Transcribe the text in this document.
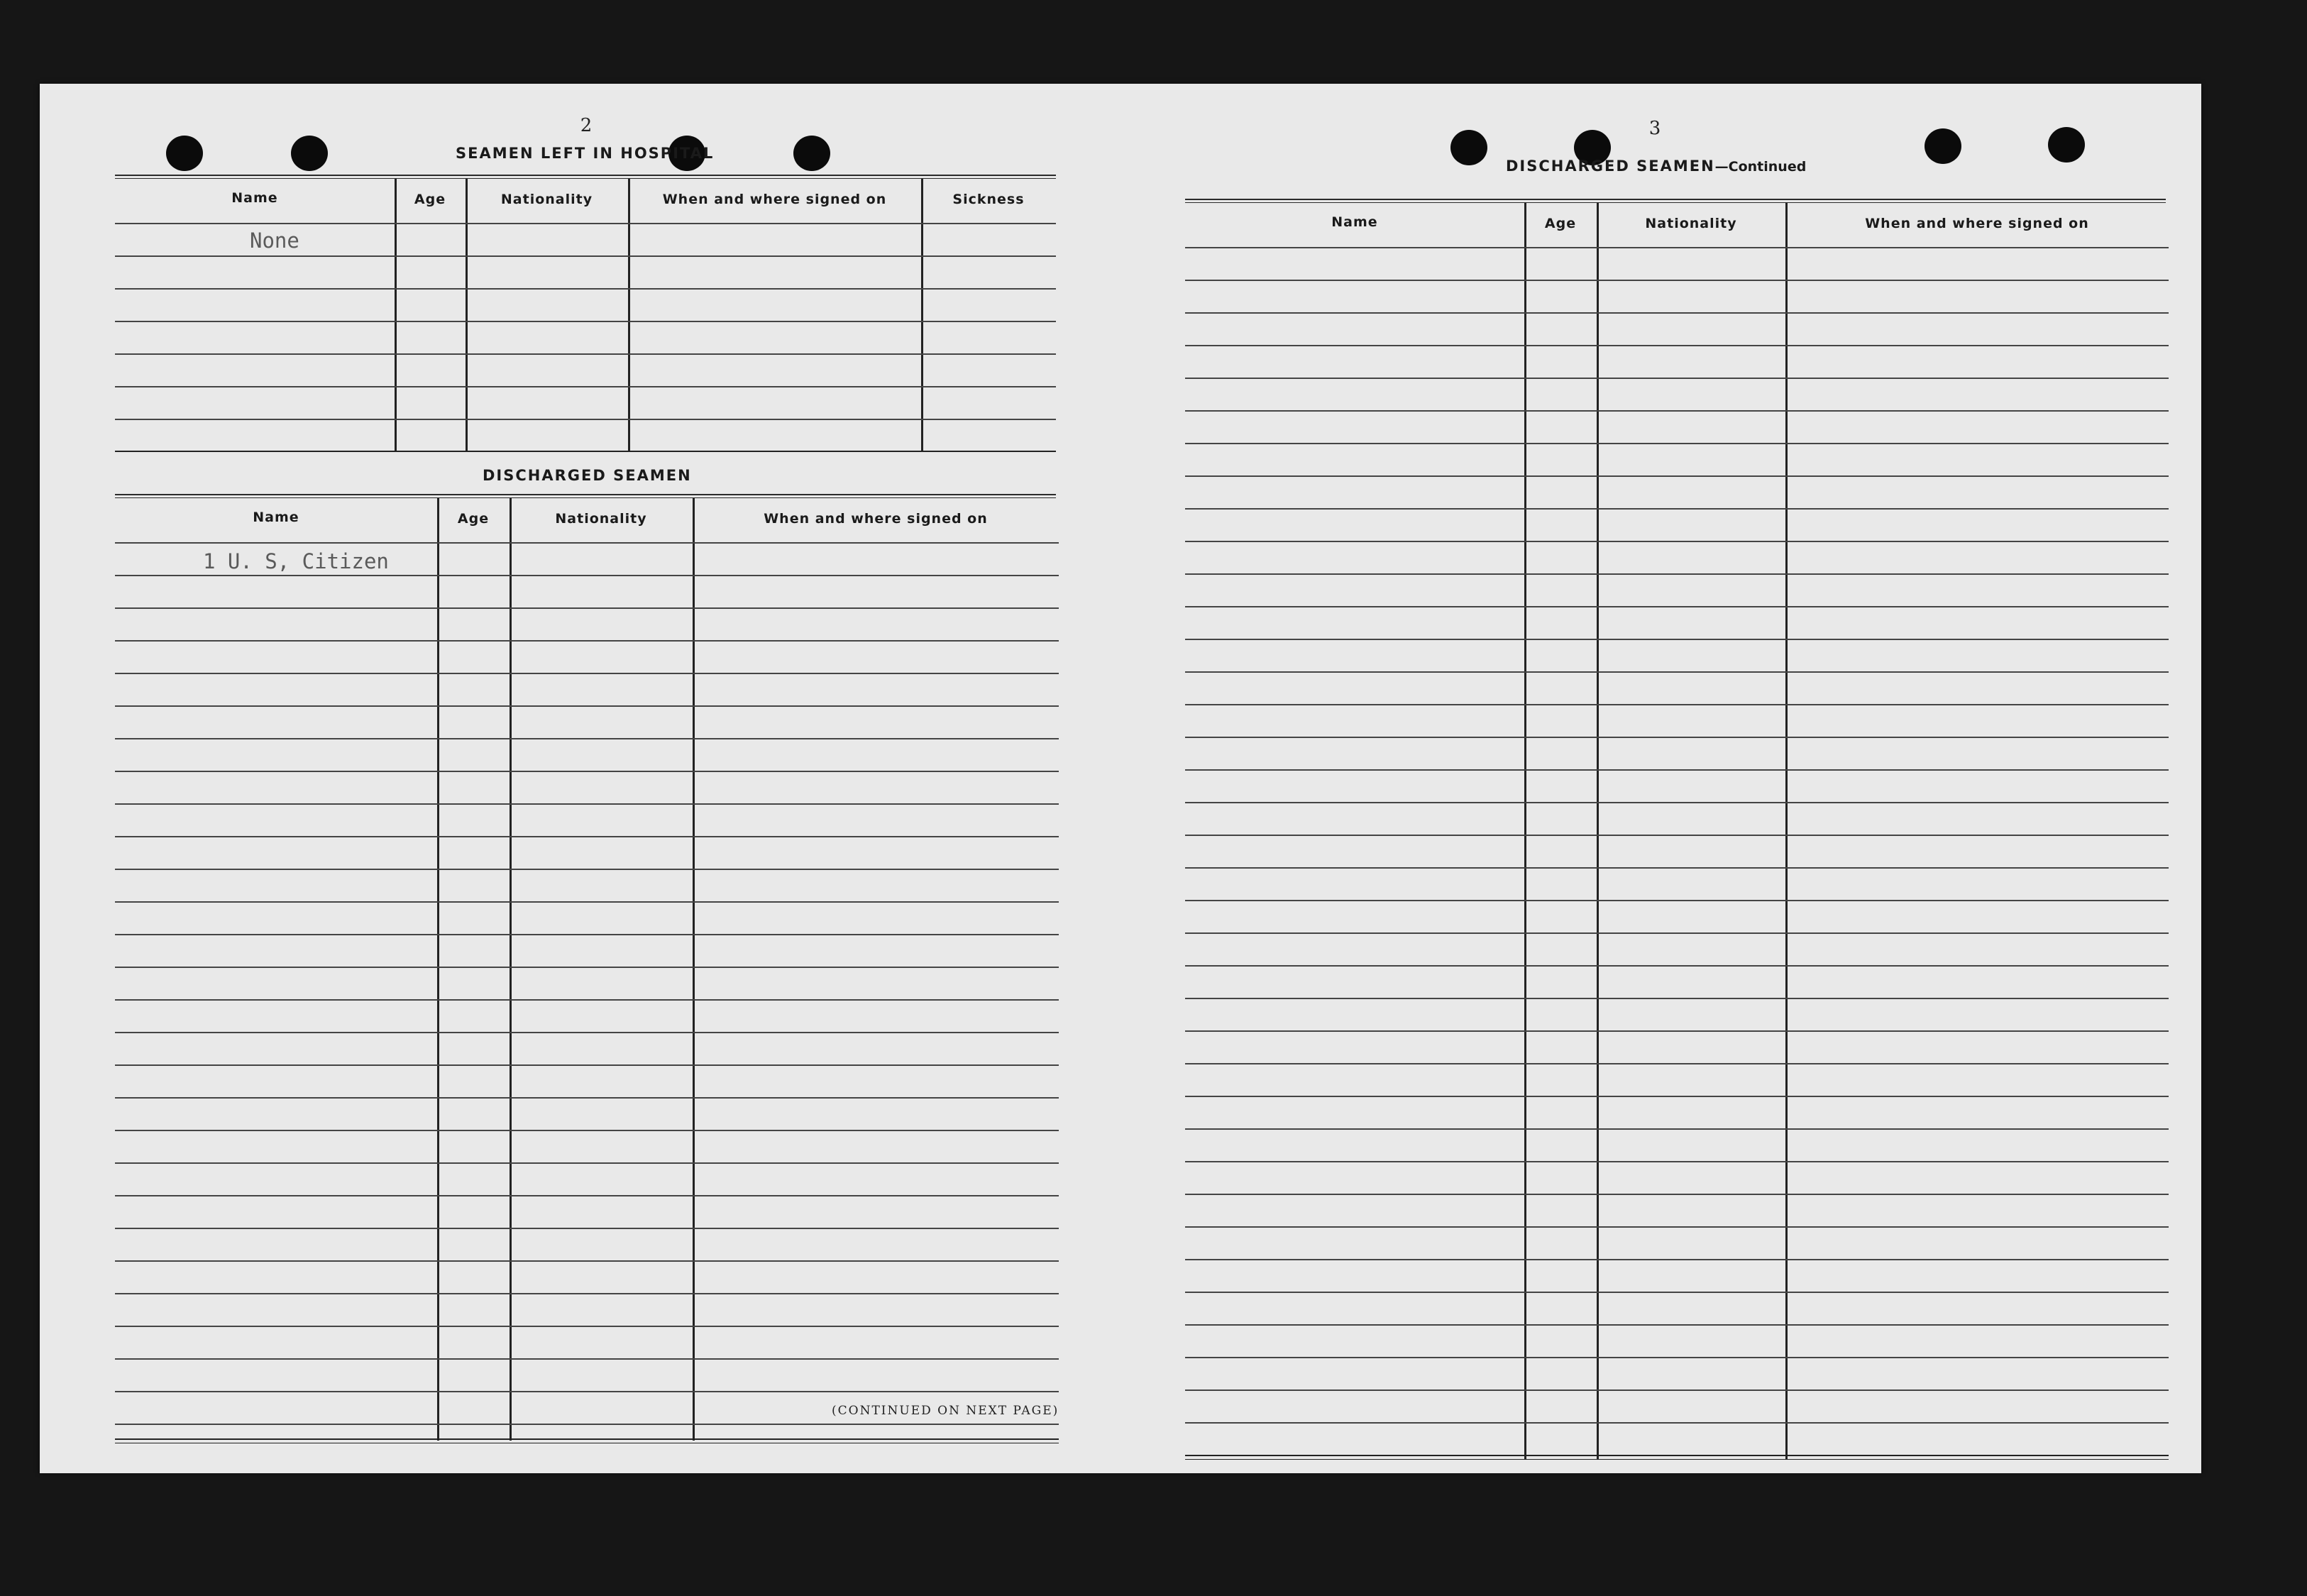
2
SEAMEN LEFT IN HOSPITAL
Name	Age	Nationality	When and where signed on	Sickness
None
DISCHARGED SEAMEN
Name	Age	Nationality	When and where signed on
1 U. S, Citizen
(CONTINUED ON NEXT PAGE)
3
DISCHARGED SEAMEN—Continued
Name	Age	Nationality	When and where signed on
